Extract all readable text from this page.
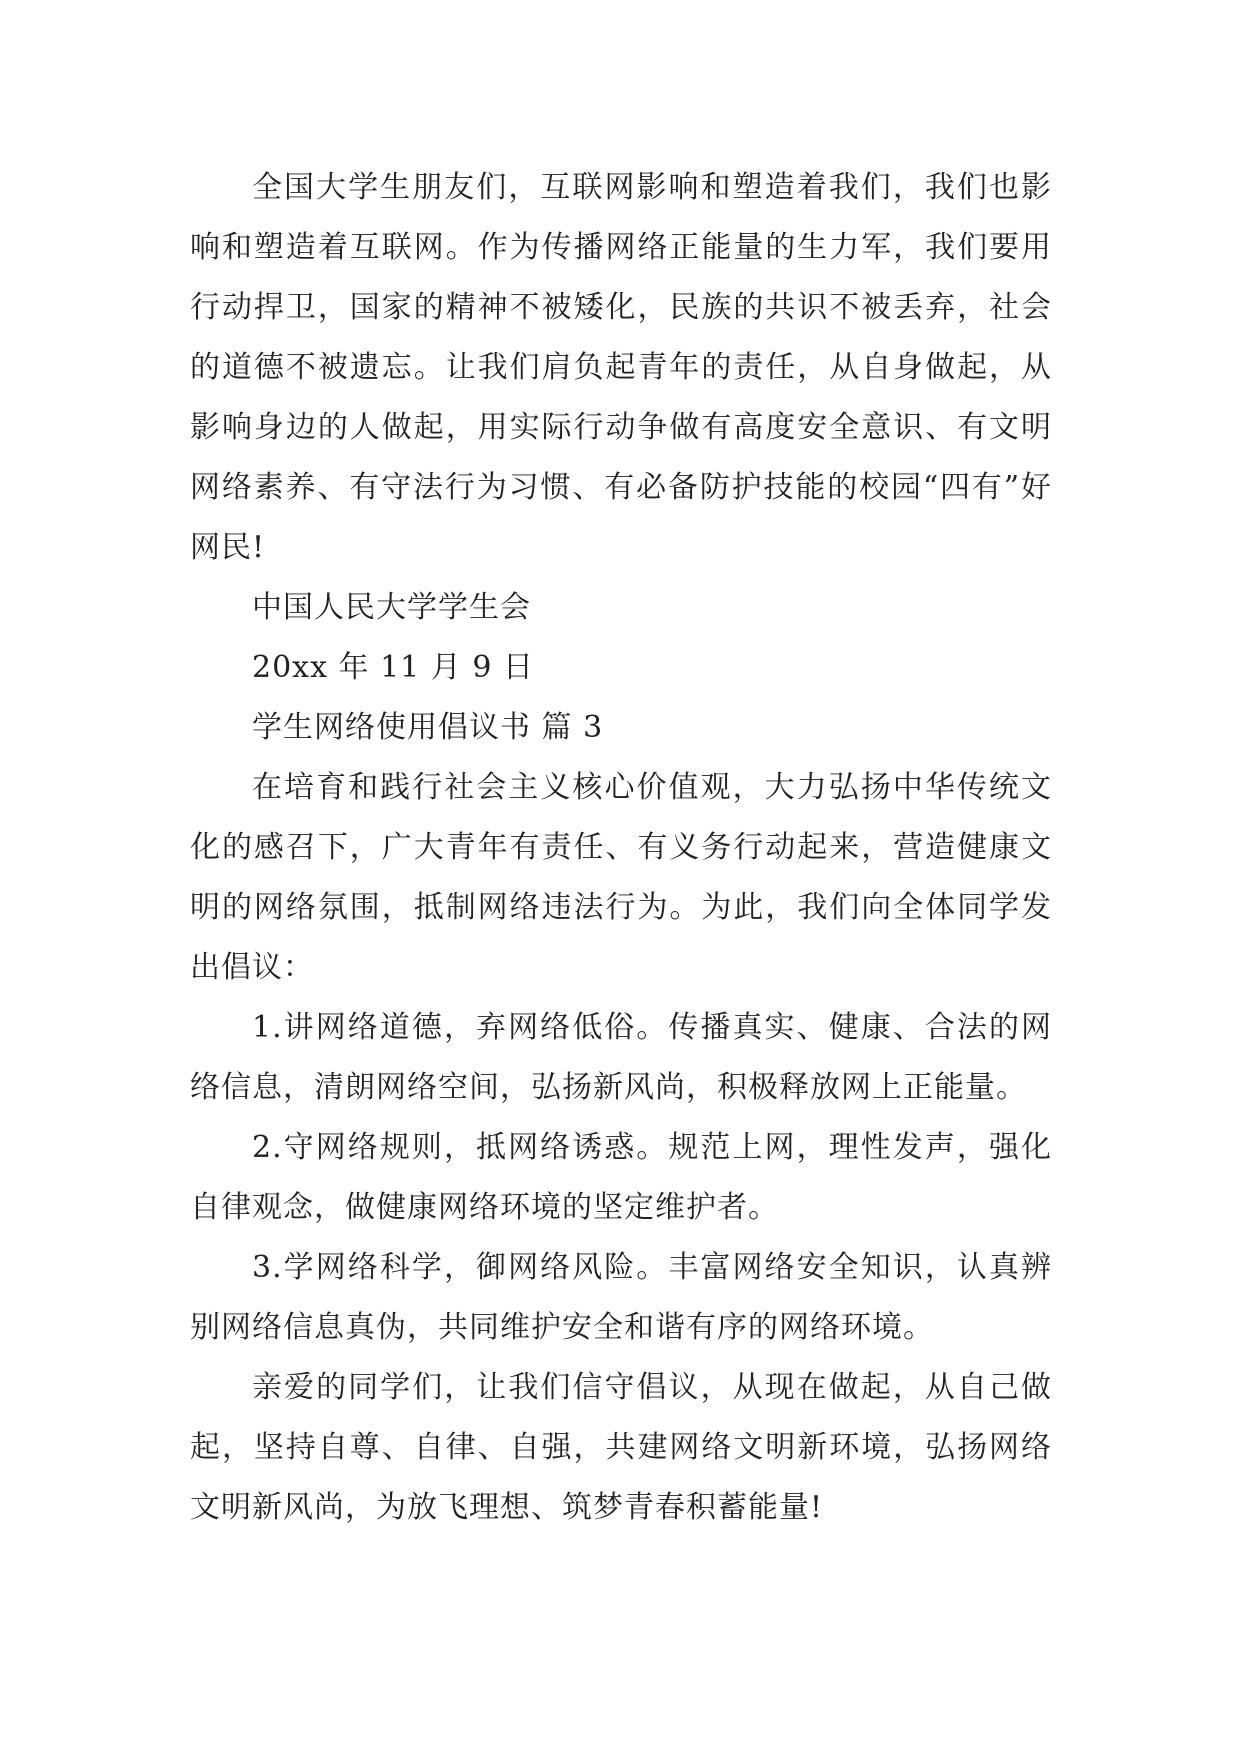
全国大学生朋友们，互联网影响和塑造着我们，我们也影响和塑造着互联网。作为传播网络正能量的生力军，我们要用行动捍卫，国家的精神不被矮化，民族的共识不被丢弃，社会的道德不被遗忘。让我们肩负起青年的责任，从自身做起，从影响身边的人做起，用实际行动争做有高度安全意识、有文明网络素养、有守法行为习惯、有必备防护技能的校园“四有”好网民!

中国人民大学学生会

20xx 年 11 月 9 日

学生网络使用倡议书 篇 3

在培育和践行社会主义核心价值观，大力弘扬中华传统文化的感召下，广大青年有责任、有义务行动起来，营造健康文明的网络氛围，抵制网络违法行为。为此，我们向全体同学发出倡议：

1.讲网络道德，弃网络低俗。传播真实、健康、合法的网络信息，清朗网络空间，弘扬新风尚，积极释放网上正能量。

2.守网络规则，抵网络诱惑。规范上网，理性发声，强化自律观念，做健康网络环境的坚定维护者。

3.学网络科学，御网络风险。丰富网络安全知识，认真辨别网络信息真伪，共同维护安全和谐有序的网络环境。

亲爱的同学们，让我们信守倡议，从现在做起，从自己做起，坚持自尊、自律、自强，共建网络文明新环境，弘扬网络文明新风尚，为放飞理想、筑梦青春积蓄能量!
